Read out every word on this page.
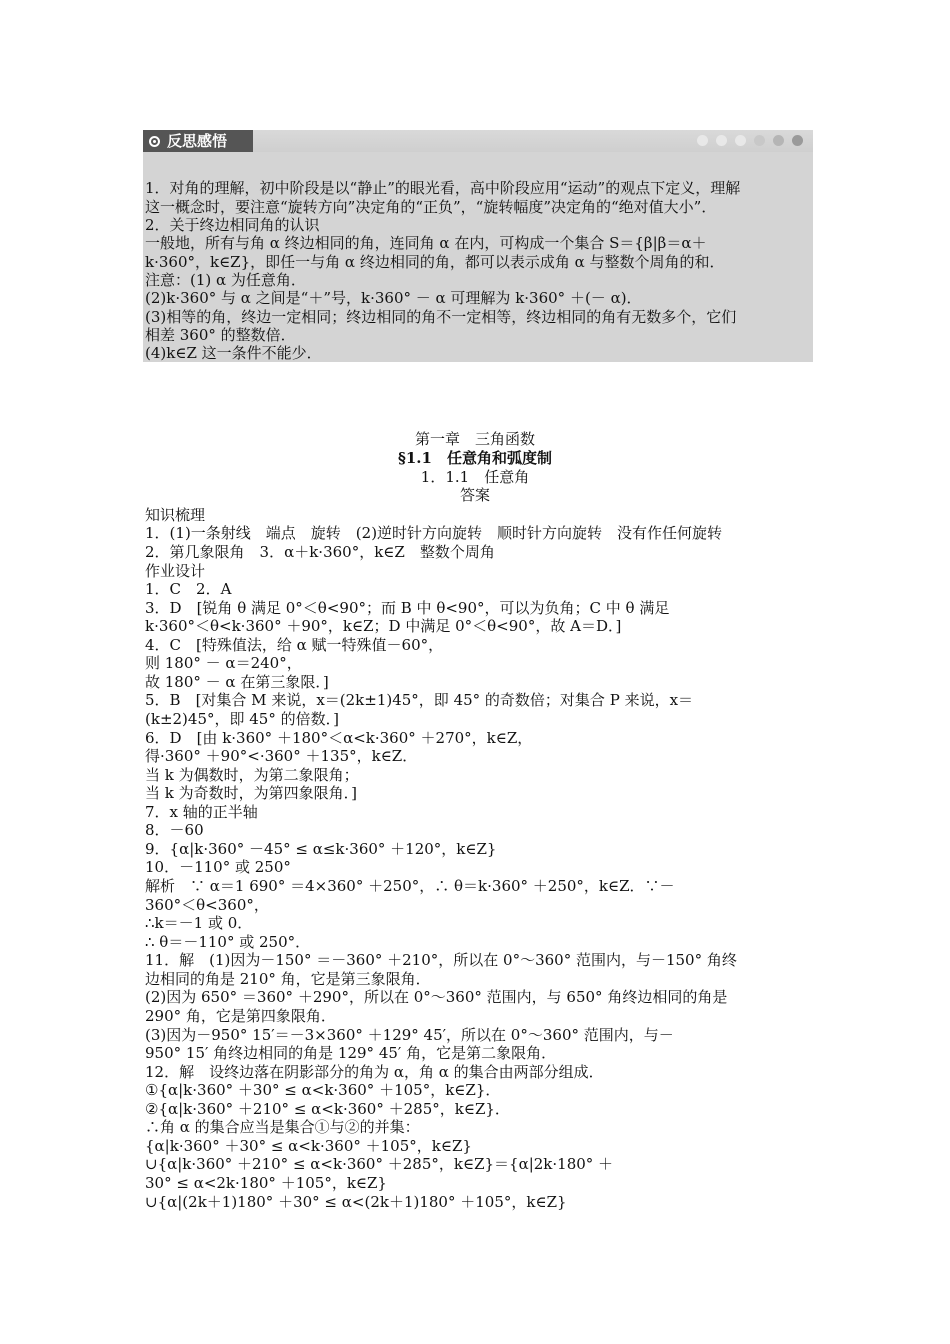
反思感悟
1．对角的理解，初中阶段是以“静止”的眼光看，高中阶段应用“运动”的观点下定义，理解
这一概念时，要注意“旋转方向”决定角的“正负”，“旋转幅度”决定角的“绝对值大小”．
2．关于终边相同角的认识
一般地，所有与角 α 终边相同的角，连同角 α 在内，可构成一个集合 S＝{β|β＝α＋
k·360°，k∈Z}，即任一与角 α 终边相同的角，都可以表示成角 α 与整数个周角的和．
注意：(1) α 为任意角．
(2)k·360° 与 α 之间是“＋”号，k·360° － α 可理解为 k·360° ＋(－ α)．
(3)相等的角，终边一定相同；终边相同的角不一定相等，终边相同的角有无数多个，它们
相差 360° 的整数倍．
(4)k∈Z 这一条件不能少．
第一章　三角函数
§1.1　任意角和弧度制
1．1.1　任意角
答案
知识梳理
1．(1)一条射线　端点　旋转　(2)逆时针方向旋转　顺时针方向旋转　没有作任何旋转
2．第几象限角　3．α＋k·360°，k∈Z　整数个周角
作业设计
1．C　2．A
3．D　[锐角 θ 满足 0°＜θ<90°；而 B 中 θ<90°，可以为负角；C 中 θ 满足
k·360°＜θ<k·360° ＋90°，k∈Z；D 中满足 0°＜θ<90°，故 A＝D．]
4．C　[特殊值法，给 α 赋一特殊值－60°，
则 180° － α＝240°，
故 180° － α 在第三象限．]
5．B　[对集合 M 来说，x＝(2k±1)45°，即 45° 的奇数倍；对集合 P 来说，x＝
(k±2)45°，即 45° 的倍数．]
6．D　[由 k·360° ＋180°＜α<k·360° ＋270°，k∈Z，
得·360° ＋90°<·360° ＋135°，k∈Z．
当 k 为偶数时，为第二象限角；
当 k 为奇数时，为第四象限角．]
7．x 轴的正半轴
8．－60
9．{α|k·360° －45° ≤ α≤k·360° ＋120°，k∈Z}
10．－110° 或 250°
解析　∵ α＝1 690° ＝4×360° ＋250°，∴ θ＝k·360° ＋250°，k∈Z．∵－
360°＜θ<360°，
∴k＝－1 或 0．
∴ θ＝－110° 或 250°．
11．解　(1)因为－150° ＝－360° ＋210°，所以在 0°～360° 范围内，与－150° 角终
边相同的角是 210° 角，它是第三象限角．
(2)因为 650° ＝360° ＋290°，所以在 0°～360° 范围内，与 650° 角终边相同的角是
290° 角，它是第四象限角．
(3)因为－950° 15′＝－3×360° ＋129° 45′，所以在 0°～360° 范围内，与－
950° 15′ 角终边相同的角是 129° 45′ 角，它是第二象限角．
12．解　设终边落在阴影部分的角为 α，角 α 的集合由两部分组成．
①{α|k·360° ＋30° ≤ α<k·360° ＋105°，k∈Z}．
②{α|k·360° ＋210° ≤ α<k·360° ＋285°，k∈Z}．
∴角 α 的集合应当是集合①与②的并集：
{α|k·360° ＋30° ≤ α<k·360° ＋105°，k∈Z}
∪{α|k·360° ＋210° ≤ α<k·360° ＋285°，k∈Z}＝{α|2k·180° ＋
30° ≤ α<2k·180° ＋105°，k∈Z}
∪{α|(2k＋1)180° ＋30° ≤ α<(2k＋1)180° ＋105°，k∈Z}
